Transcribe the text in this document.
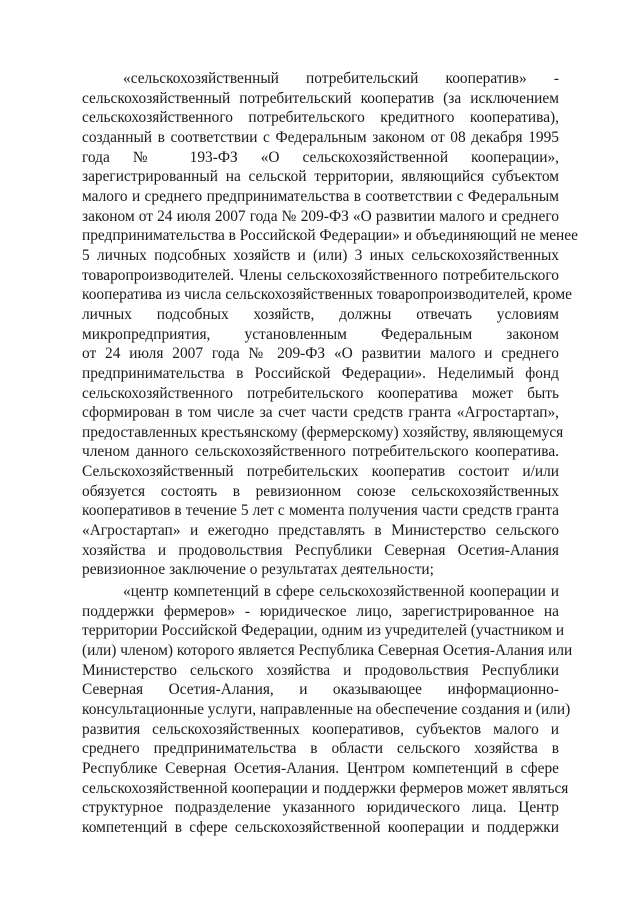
«сельскохозяйственный потребительский кооператив» -
сельскохозяйственный потребительский кооператив (за исключением
сельскохозяйственного потребительского кредитного кооператива),
созданный в соответствии с Федеральным законом от 08 декабря 1995
года № 193-ФЗ «О сельскохозяйственной кооперации»,
зарегистрированный на сельской территории, являющийся субъектом
малого и среднего предпринимательства в соответствии с Федеральным
законом от 24 июля 2007 года № 209-ФЗ «О развитии малого и среднего
предпринимательства в Российской Федерации» и объединяющий не менее
5 личных подсобных хозяйств и (или) 3 иных сельскохозяйственных
товаропроизводителей. Члены сельскохозяйственного потребительского
кооператива из числа сельскохозяйственных товаропроизводителей, кроме
личных подсобных хозяйств, должны отвечать условиям
микропредприятия, установленным Федеральным законом
от 24 июля 2007 года № 209-ФЗ «О развитии малого и среднего
предпринимательства в Российской Федерации». Неделимый фонд
сельскохозяйственного потребительского кооператива может быть
сформирован в том числе за счет части средств гранта «Агростартап»,
предоставленных крестьянскому (фермерскому) хозяйству, являющемуся
членом данного сельскохозяйственного потребительского кооператива.
Сельскохозяйственный потребительских кооператив состоит и/или
обязуется состоять в ревизионном союзе сельскохозяйственных
кооперативов в течение 5 лет с момента получения части средств гранта
«Агростартап» и ежегодно представлять в Министерство сельского
хозяйства и продовольствия Республики Северная Осетия-Алания
ревизионное заключение о результатах деятельности;

«центр компетенций в сфере сельскохозяйственной кооперации и
поддержки фермеров» - юридическое лицо, зарегистрированное на
территории Российской Федерации, одним из учредителей (участником и
(или) членом) которого является Республика Северная Осетия-Алания или
Министерство сельского хозяйства и продовольствия Республики
Северная Осетия-Алания, и оказывающее информационно-
консультационные услуги, направленные на обеспечение создания и (или)
развития сельскохозяйственных кооперативов, субъектов малого и
среднего предпринимательства в области сельского хозяйства в
Республике Северная Осетия-Алания. Центром компетенций в сфере
сельскохозяйственной кооперации и поддержки фермеров может являться
структурное подразделение указанного юридического лица. Центр
компетенций в сфере сельскохозяйственной кооперации и поддержки
